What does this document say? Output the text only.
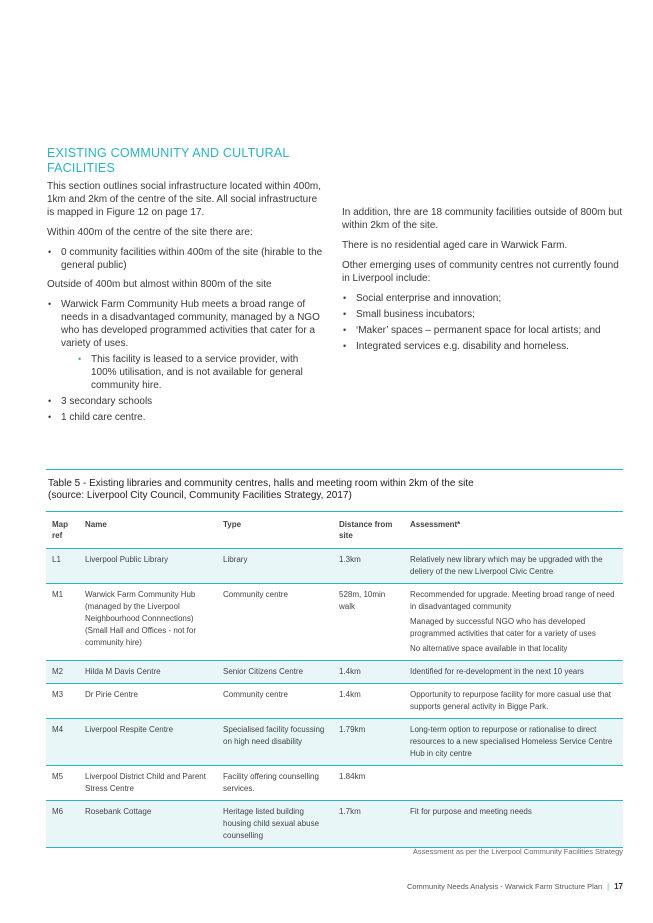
EXISTING COMMUNITY AND CULTURAL FACILITIES

This section outlines social infrastructure located within 400m, 1km and 2km of the centre of the site. All social infrastructure is mapped in Figure 12 on page 17.

Within 400m of the centre of the site there are:

• 0 community facilities within 400m of the site (hirable to the general public)

Outside of 400m but almost within 800m of the site

• Warwick Farm Community Hub meets a broad range of needs in a disadvantaged community, managed by a NGO who has developed programmed activities that cater for a variety of uses.
• This facility is leased to a service provider, with 100% utilisation, and is not available for general community hire.
• 3 secondary schools
• 1 child care centre.

In addition, thre are 18 community facilities outside of 800m but within 2km of the site.

There is no residential aged care in Warwick Farm.

Other emerging uses of community centres not currently found in Liverpool include:

• Social enterprise and innovation;
• Small business incubators;
• ‘Maker’ spaces – permanent space for local artists; and
• Integrated services e.g. disability and homeless.
Table 5 - Existing libraries and community centres, halls and meeting room within 2km of the site
(source: Liverpool City Council, Community Facilities Strategy, 2017)
Map ref	Name	Type	Distance from site	Assessment*
L1	Liverpool Public Library	Library	1.3km	Relatively new library which may be upgraded with the deliery of the new Liverpool Civic Centre

M1	Warwick Farm Community Hub (managed by the Liverpool Neighbourhood Connnections) (Small Hall and Offices - not for community hire)	Community centre	528m, 10min walk	Recommended for upgrade. Meeting broad range of need in disadvantaged community
Managed by successful NGO who has developed programmed activities that cater for a variety of uses
No alternative space available in that locality

M2	Hilda M Davis Centre	Senior Citizens Centre	1.4km	Identified for re-development in the next 10 years

M3	Dr Pirie Centre	Community centre	1.4km	Opportunity to repurpose facility for more casual use that supports general activity in Bigge Park.

M4	Liverpool Respite Centre	Specialised facility focussing on high need disability	1.79km	Long-term option to repurpose or rationalise to direct resources to a new specialised Homeless Service Centre Hub in city centre

M5	Liverpool District Child and Parent Stress Centre	Facility offering counselling services.	1.84km	
M6	Rosebank Cottage	Heritage listed building housing child sexual abuse counselling	1.7km	Fit for purpose and meeting needs
Assessment as per the Liverpool Community Facilities Strategy
Community Needs Analysis - Warwick Farm Structure Plan | 17
